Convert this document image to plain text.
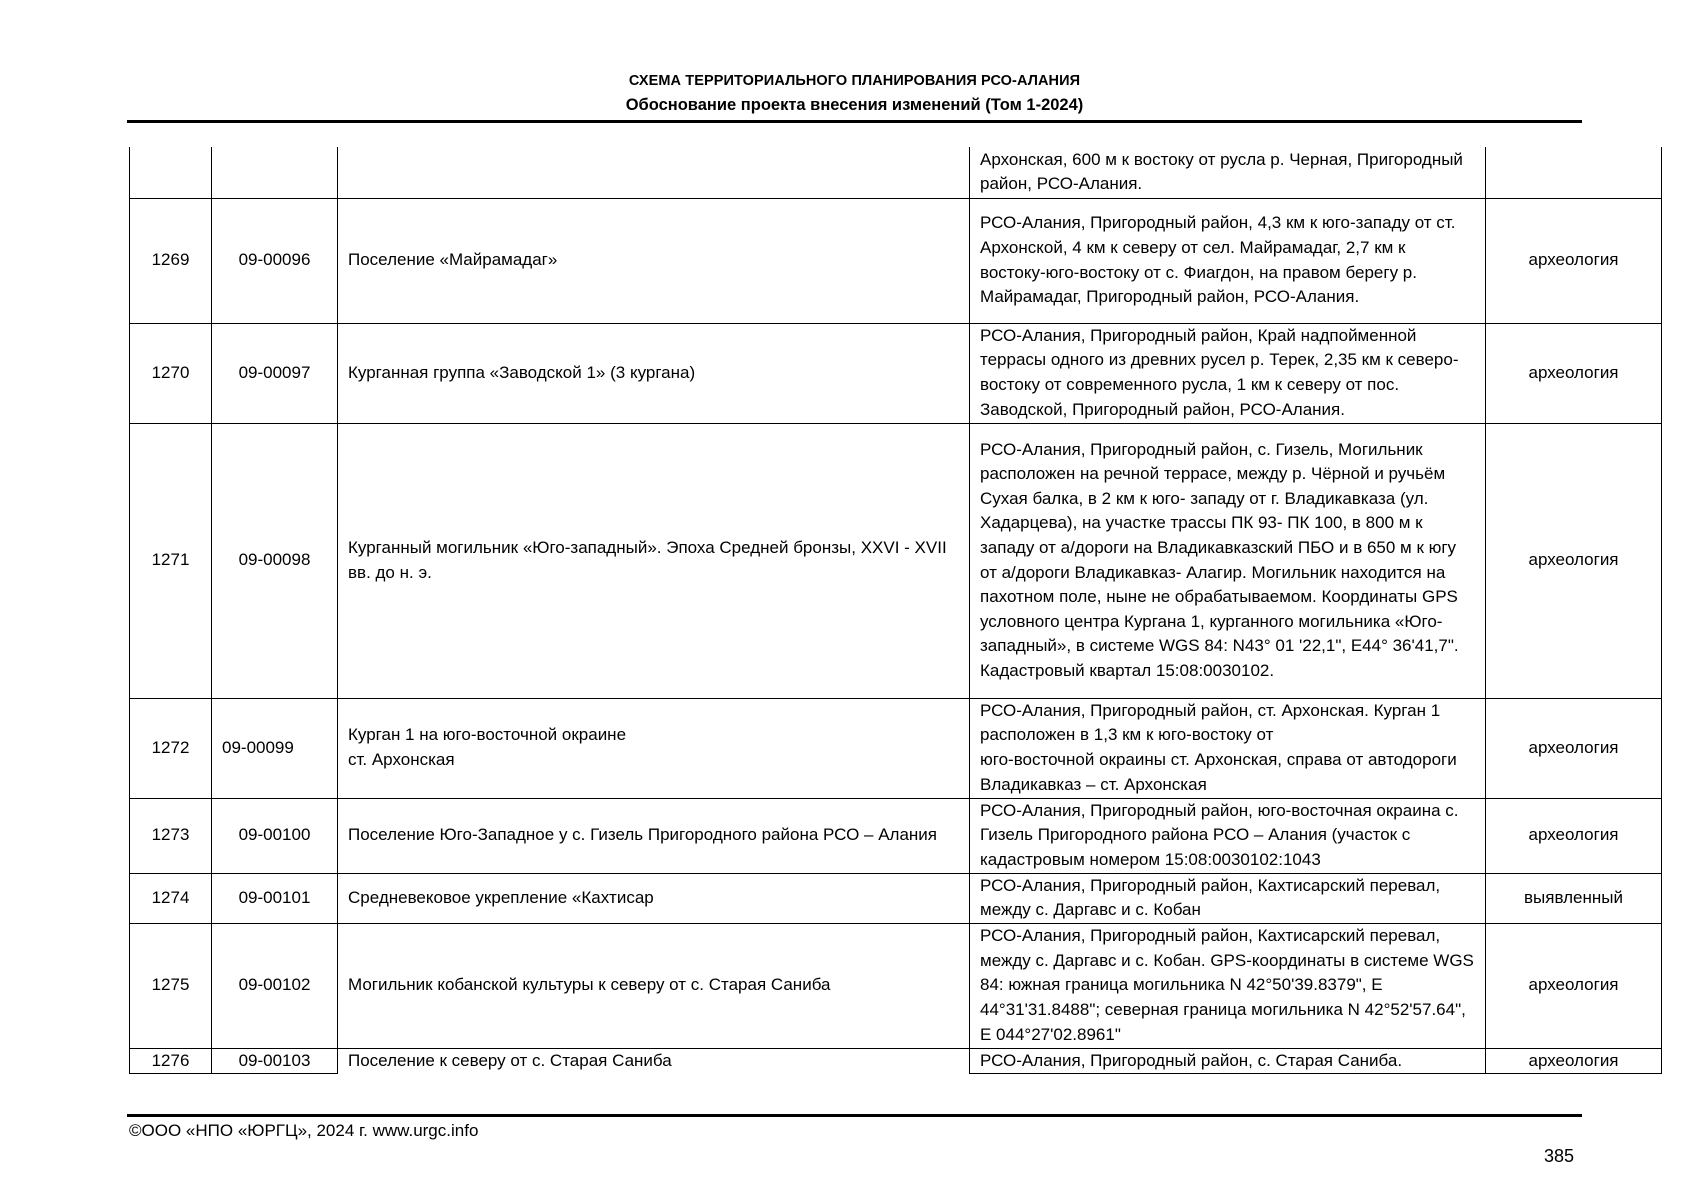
СХЕМА ТЕРРИТОРИАЛЬНОГО ПЛАНИРОВАНИЯ РСО-АЛАНИЯ
Обоснование проекта внесения изменений (Том 1-2024)
			Архонская, 600 м к востоку от русла р. Черная, Пригородный район, РСО-Алания.	
1269	09-00096	Поселение «Майрамадаг»	РСО-Алания, Пригородный район, 4,3 км к юго-западу от ст. Архонской, 4 км к северу от сел. Майрамадаг, 2,7 км к востоку-юго-востоку от с. Фиагдон, на правом берегу р. Майрамадаг, Пригородный район, РСО-Алания.	археология
1270	09-00097	Курганная группа «Заводской 1» (3 кургана)	РСО-Алания, Пригородный район, Край надпойменной террасы одного из древних русел р. Терек, 2,35 км к северо-востоку от современного русла, 1 км к северу от пос. Заводской, Пригородный район, РСО-Алания.	археология
1271	09-00098	Курганный могильник «Юго-западный». Эпоха Средней бронзы, XXVI - XVII вв. до н. э.	РСО-Алания, Пригородный район, с. Гизель, Могильник расположен на речной террасе, между р. Чёрной и ручьём Сухая балка, в 2 км к юго- западу от г. Владикавказа (ул. Хадарцева), на участке трассы ПК 93- ПК 100, в 800 м к западу от а/дороги на Владикавказский ПБО и в 650 м к югу от а/дороги Владикавказ- Алагир. Могильник находится на пахотном поле, ныне не обрабатываемом. Координаты GPS условного центра Кургана 1, курганного могильника «Юго-западный», в системе WGS 84: N43° 01 '22,1", E44° 36'41,7". Кадастровый квартал 15:08:0030102.	археология
1272	09-00099	Курган 1 на юго-восточной окраине
ст. Архонская	РСО-Алания, Пригородный район, ст. Архонская. Курган 1 расположен в 1,3 км к юго-востоку от
юго-восточной окраины ст. Архонская, справа от автодороги Владикавказ – ст. Архонская	археология
1273	09-00100	Поселение Юго-Западное у с. Гизель Пригородного района РСО – Алания	РСО-Алания, Пригородный район, юго-восточная окраина с. Гизель Пригородного района РСО – Алания (участок с кадастровым номером 15:08:0030102:1043	археология
1274	09-00101	Средневековое укрепление «Кахтисар	РСО-Алания, Пригородный район, Кахтисарский перевал, между с. Даргавс и с. Кобан	выявленный
1275	09-00102	Могильник кобанской культуры к северу от с. Старая Саниба	РСО-Алания, Пригородный район, Кахтисарский перевал, между с. Даргавс и с. Кобан. GPS-координаты в системе WGS 84: южная граница могильника N 42°50'39.8379", E 44°31'31.8488"; северная граница могильника N 42°52'57.64", E 044°27'02.8961"	археология
1276	09-00103	Поселение к северу от с. Старая Саниба	РСО-Алания, Пригородный район, с. Старая Саниба.	археология
©ООО «НПО «ЮРГЦ», 2024 г. www.urgc.info
385
